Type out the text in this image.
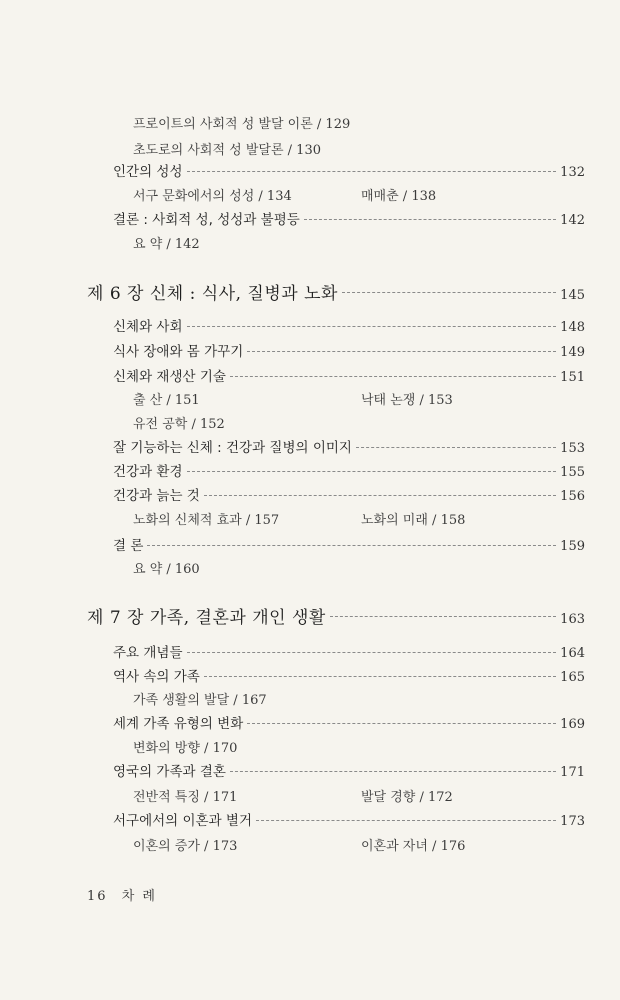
프로이트의 사회적 성 발달 이론 / 129
초도로의 사회적 성 발달론 / 130
인간의 성성	132
서구 문화에서의 성성 / 134	매매춘 / 138
결론 : 사회적 성, 성성과 불평등	142
요 약 / 142
제 6 장 신체 : 식사, 질병과 노화	145
신체와 사회	148
식사 장애와 몸 가꾸기	149
신체와 재생산 기술	151
출 산 / 151	낙태 논쟁 / 153
유전 공학 / 152
잘 기능하는 신체 : 건강과 질병의 이미지	153
건강과 환경	155
건강과 늙는 것	156
노화의 신체적 효과 / 157	노화의 미래 / 158
결 론	159
요 약 / 160
제 7 장 가족, 결혼과 개인 생활	163
주요 개념들	164
역사 속의 가족	165
가족 생활의 발달 / 167
세계 가족 유형의 변화	169
변화의 방향 / 170
영국의 가족과 결혼	171
전반적 특징 / 171	발달 경향 / 172
서구에서의 이혼과 별거	173
이혼의 증가 / 173	이혼과 자녀 / 176
16 차 례
